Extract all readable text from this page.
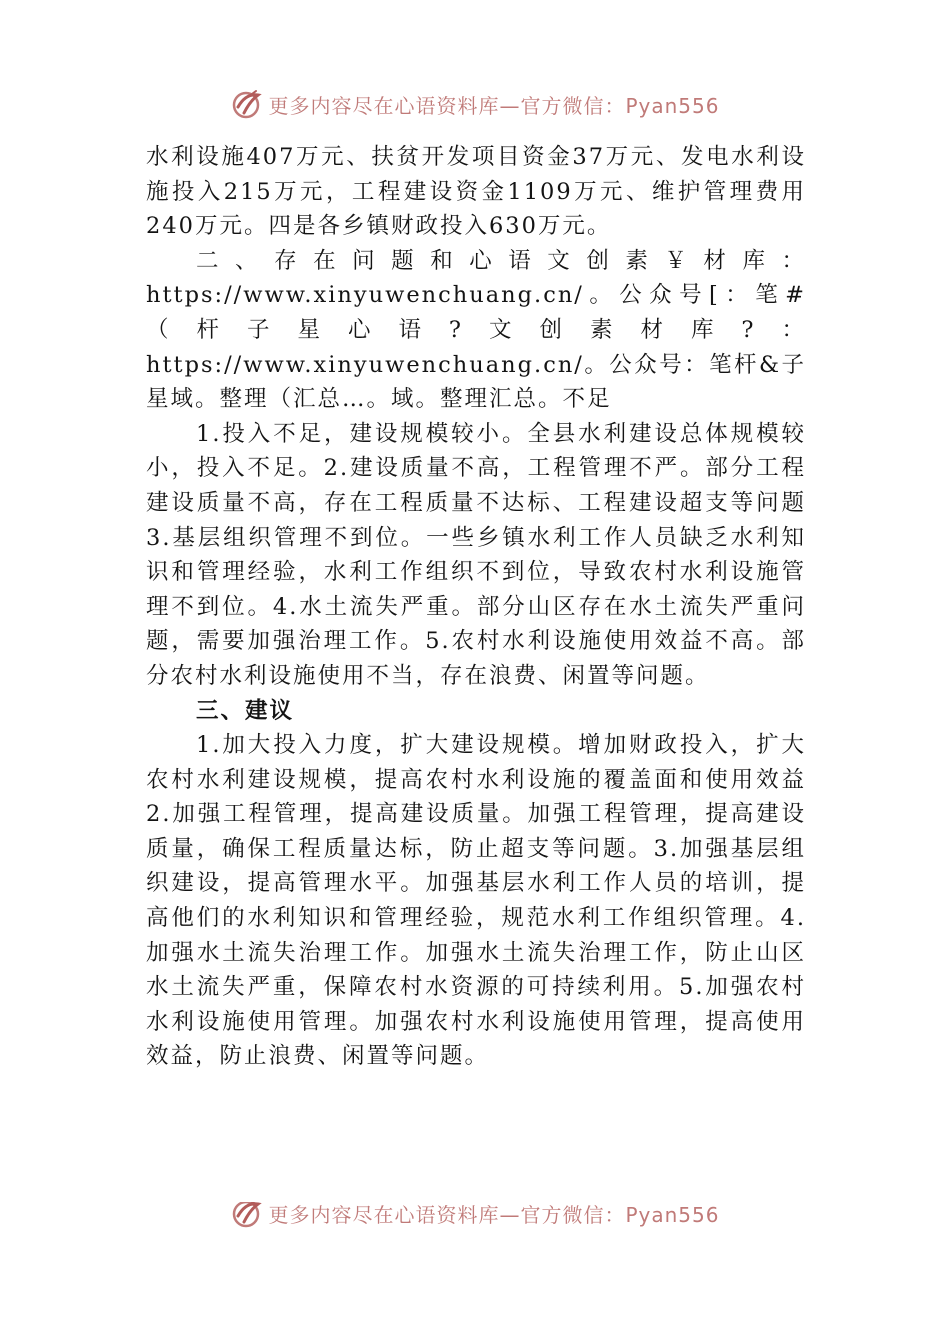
更多内容尽在心语资料库—官方微信：Pyan556

水利设施407万元、扶贫开发项目资金37万元、发电水利设施投入215万元，工程建设资金1109万元、维护管理费用240万元。四是各乡镇财政投入630万元。

二、存在问题和心语文创素￥材库：https://www.xinyuwenchuang.cn/。公众号[：笔#（杆子星心语?文创素材库?：https://www.xinyuwenchuang.cn/。公众号：笔杆&子星域。整理（汇总…。域。整理汇总。不足

1.投入不足，建设规模较小。全县水利建设总体规模较小，投入不足。2.建设质量不高，工程管理不严。部分工程建设质量不高，存在工程质量不达标、工程建设超支等问题3.基层组织管理不到位。一些乡镇水利工作人员缺乏水利知识和管理经验，水利工作组织不到位，导致农村水利设施管理不到位。4.水土流失严重。部分山区存在水土流失严重问题，需要加强治理工作。5.农村水利设施使用效益不高。部分农村水利设施使用不当，存在浪费、闲置等问题。

三、建议

1.加大投入力度，扩大建设规模。增加财政投入，扩大农村水利建设规模，提高农村水利设施的覆盖面和使用效益2.加强工程管理，提高建设质量。加强工程管理，提高建设质量，确保工程质量达标，防止超支等问题。3.加强基层组织建设，提高管理水平。加强基层水利工作人员的培训，提高他们的水利知识和管理经验，规范水利工作组织管理。4.加强水土流失治理工作。加强水土流失治理工作，防止山区水土流失严重，保障农村水资源的可持续利用。5.加强农村水利设施使用管理。加强农村水利设施使用管理，提高使用效益，防止浪费、闲置等问题。

更多内容尽在心语资料库—官方微信：Pyan556
